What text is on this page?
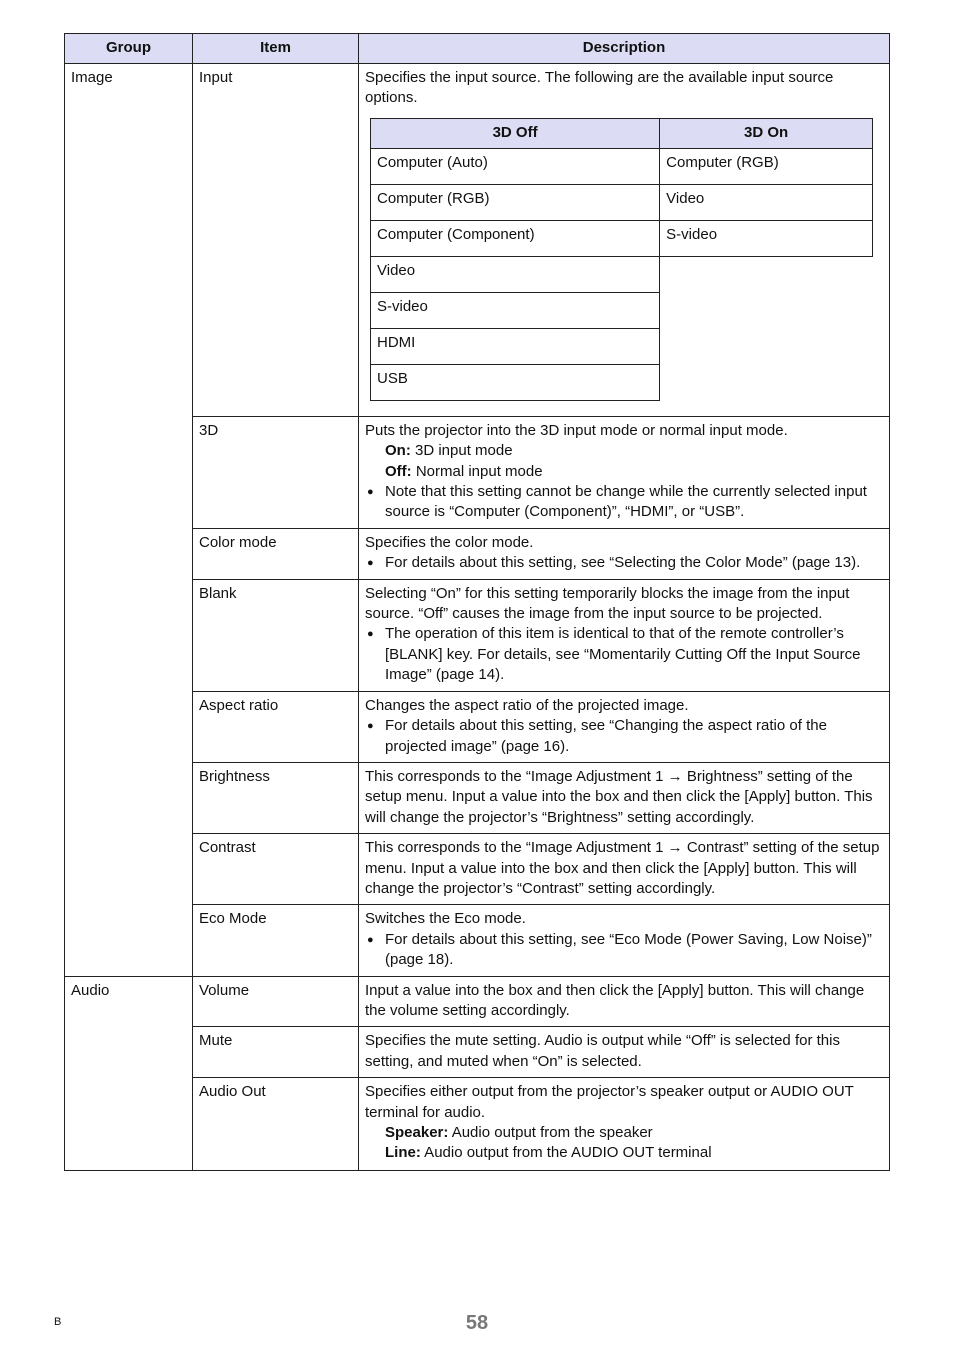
Group	Item	Description
Image	Input	Specifies the input source. The following are the available input source options.
3D Off	3D On
Computer (Auto)	Computer (RGB)
Computer (RGB)	Video
Computer (Component)	S-video
Video	
S-video	
HDMI	
USB	

3D	Puts the projector into the 3D input mode or normal input mode.
On: 3D input mode
Off: Normal input mode
● Note that this setting cannot be change while the currently selected input source is “Computer (Component)”, “HDMI”, or “USB”.

Color mode	Specifies the color mode.
● For details about this setting, see “Selecting the Color Mode” (page 13).

Blank	Selecting “On” for this setting temporarily blocks the image from the input source. “Off” causes the image from the input source to be projected.
● The operation of this item is identical to that of the remote controller’s [BLANK] key. For details, see “Momentarily Cutting Off the Input Source Image” (page 14).

Aspect ratio	Changes the aspect ratio of the projected image.
● For details about this setting, see “Changing the aspect ratio of the projected image” (page 16).

Brightness	This corresponds to the “Image Adjustment 1 → Brightness” setting of the setup menu. Input a value into the box and then click the [Apply] button. This will change the projector’s “Brightness” setting accordingly.

Contrast	This corresponds to the “Image Adjustment 1 → Contrast” setting of the setup menu. Input a value into the box and then click the [Apply] button. This will change the projector’s “Contrast” setting accordingly.

Eco Mode	Switches the Eco mode.
● For details about this setting, see “Eco Mode (Power Saving, Low Noise)” (page 18).

Audio	Volume	Input a value into the box and then click the [Apply] button. This will change the volume setting accordingly.

Mute	Specifies the mute setting. Audio is output while “Off” is selected for this setting, and muted when “On” is selected.

Audio Out	Specifies either output from the projector’s speaker output or AUDIO OUT terminal for audio.
Speaker: Audio output from the speaker
Line: Audio output from the AUDIO OUT terminal
B	58
